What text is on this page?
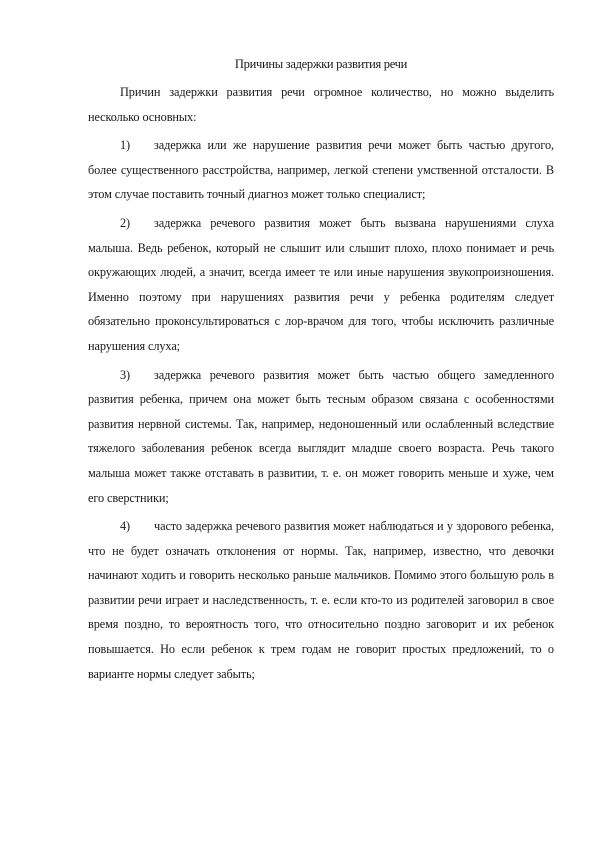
Причины задержки развития речи

Причин задержки развития речи огромное количество, но можно выделить несколько основных:

1) задержка или же нарушение развития речи может быть частью другого, более существенного расстройства, например, легкой степени умственной отсталости. В этом случае поставить точный диагноз может только специалист;

2) задержка речевого развития может быть вызвана нарушениями слуха малыша. Ведь ребенок, который не слышит или слышит плохо, плохо понимает и речь окружающих людей, а значит, всегда имеет те или иные нарушения звукопроизношения. Именно поэтому при нарушениях развития речи у ребенка родителям следует обязательно проконсультироваться с лор-врачом для того, чтобы исключить различные нарушения слуха;

3) задержка речевого развития может быть частью общего замедленного развития ребенка, причем она может быть тесным образом связана с особенностями развития нервной системы. Так, например, недоношенный или ослабленный вследствие тяжелого заболевания ребенок всегда выглядит младше своего возраста. Речь такого малыша может также отставать в развитии, т. е. он может говорить меньше и хуже, чем его сверстники;

4) часто задержка речевого развития может наблюдаться и у здорового ребенка, что не будет означать отклонения от нормы. Так, например, известно, что девочки начинают ходить и говорить несколько раньше мальчиков. Помимо этого большую роль в развитии речи играет и наследственность, т. е. если кто-то из родителей заговорил в свое время поздно, то вероятность того, что относительно поздно заговорит и их ребенок повышается. Но если ребенок к трем годам не говорит простых предложений, то о варианте нормы следует забыть;
